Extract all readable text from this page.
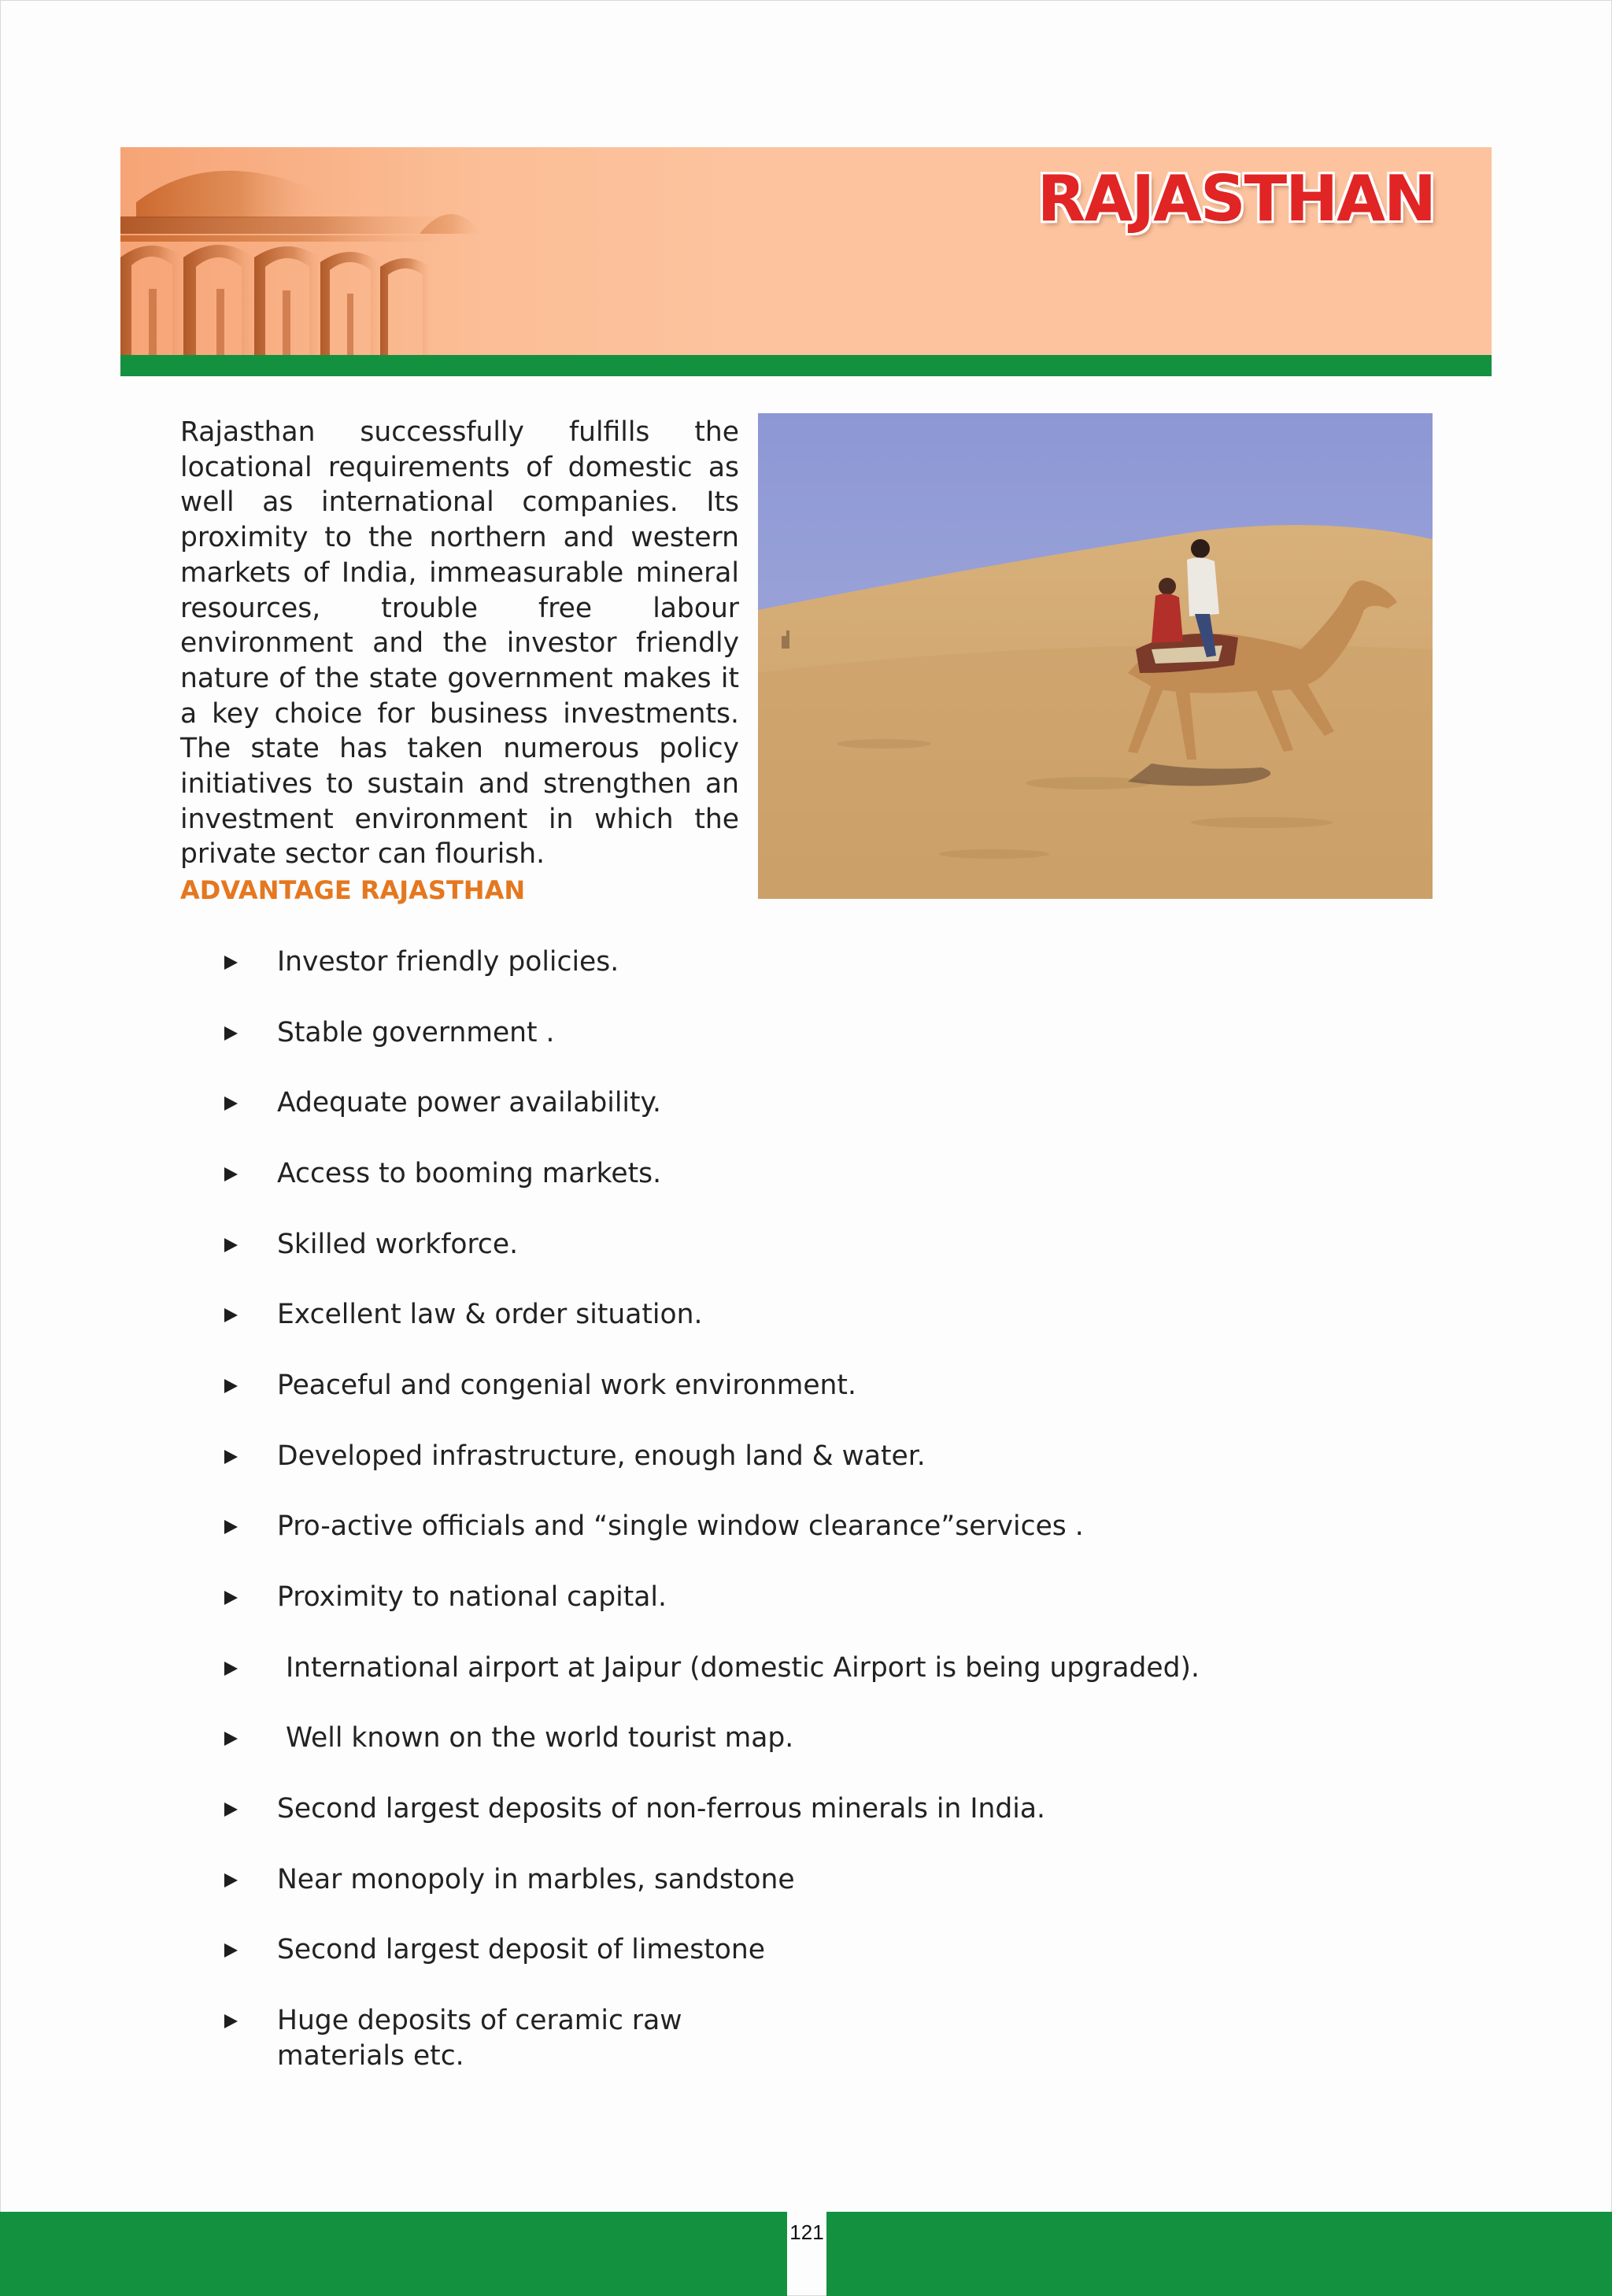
RAJASTHAN

Rajasthan successfully fulfills the locational requirements of domestic as well as international companies. Its proximity to the northern and western markets of India, immeasurable mineral resources, trouble free labour environment and the investor friendly nature of the state government makes it a key choice for business investments. The state has taken numerous policy initiatives to sustain and strengthen an investment environment in which the private sector can flourish.

ADVANTAGE RAJASTHAN
Investor friendly policies.
Stable government .
Adequate power availability.
Access to booming markets.
Skilled workforce.
Excellent law & order situation.
Peaceful and congenial work environment.
Developed infrastructure, enough land & water.
Pro-active officials and “single window clearance”services .
Proximity to national capital.
International airport at Jaipur (domestic Airport is being upgraded).
Well known on the world tourist map.
Second largest deposits of non-ferrous minerals in India.
Near monopoly in marbles, sandstone
Second largest deposit of limestone
Huge deposits of ceramic raw materials etc.
121
